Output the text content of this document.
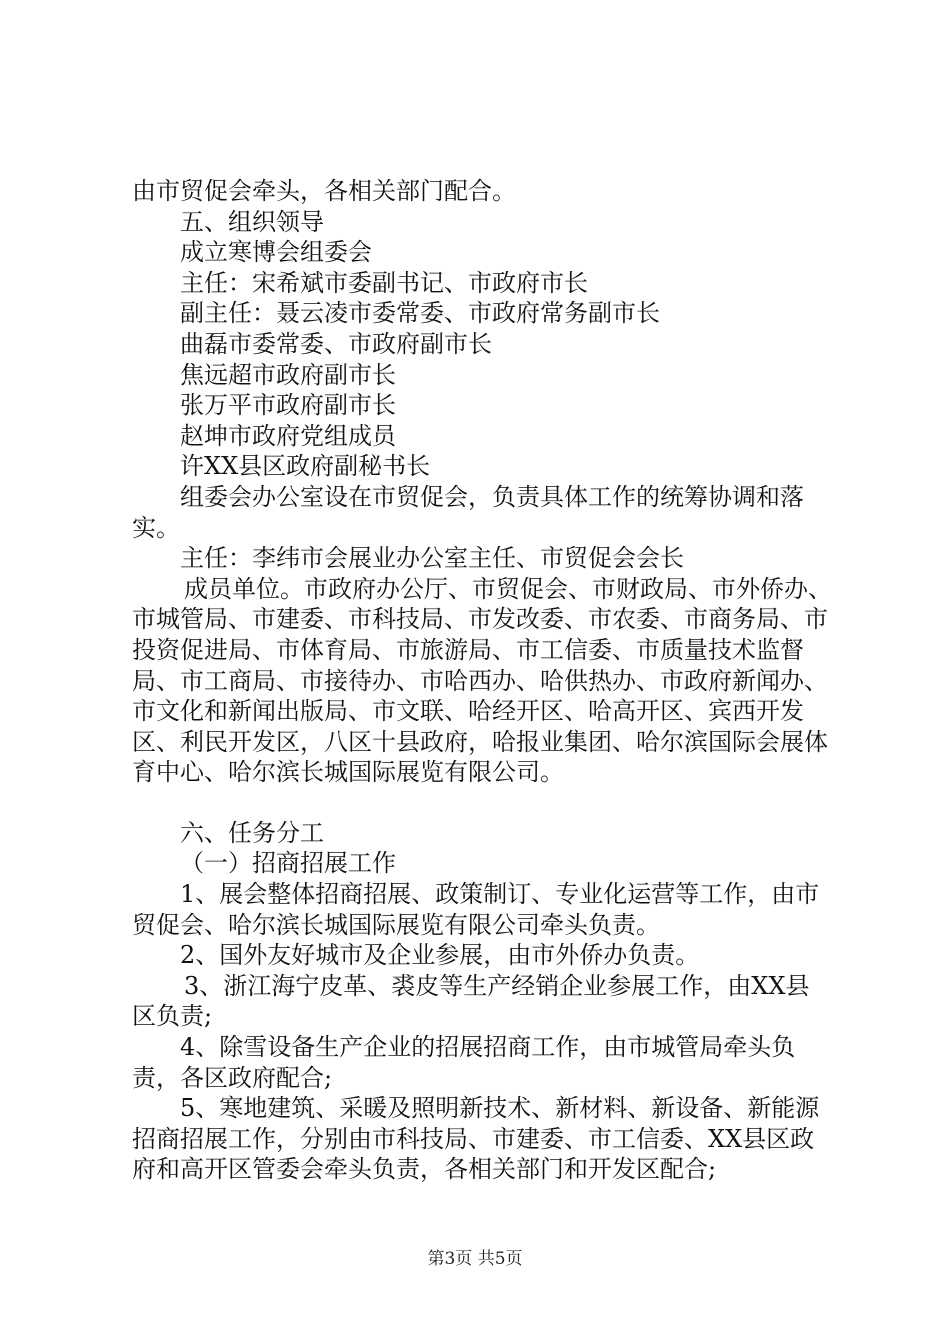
由市贸促会牵头，各相关部门配合。

五、组织领导

成立寒博会组委会

主任：宋希斌市委副书记、市政府市长

副主任：聂云凌市委常委、市政府常务副市长

曲磊市委常委、市政府副市长

焦远超市政府副市长

张万平市政府副市长

赵坤市政府党组成员

许XX县区政府副秘书长

组委会办公室设在市贸促会，负责具体工作的统筹协调和落实。

主任：李纬市会展业办公室主任、市贸促会会长

成员单位。市政府办公厅、市贸促会、市财政局、市外侨办、市城管局、市建委、市科技局、市发改委、市农委、市商务局、市投资促进局、市体育局、市旅游局、市工信委、市质量技术监督局、市工商局、市接待办、市哈西办、哈供热办、市政府新闻办、市文化和新闻出版局、市文联、哈经开区、哈高开区、宾西开发区、利民开发区，八区十县政府，哈报业集团、哈尔滨国际会展体育中心、哈尔滨长城国际展览有限公司。

六、任务分工

（一）招商招展工作

1、展会整体招商招展、政策制订、专业化运营等工作，由市贸促会、哈尔滨长城国际展览有限公司牵头负责。

2、国外友好城市及企业参展，由市外侨办负责。

3、浙江海宁皮革、裘皮等生产经销企业参展工作，由XX县区负责;

4、除雪设备生产企业的招展招商工作，由市城管局牵头负责，各区政府配合;

5、寒地建筑、采暖及照明新技术、新材料、新设备、新能源招商招展工作，分别由市科技局、市建委、市工信委、XX县区政府和高开区管委会牵头负责，各相关部门和开发区配合;

第3页 共5页
